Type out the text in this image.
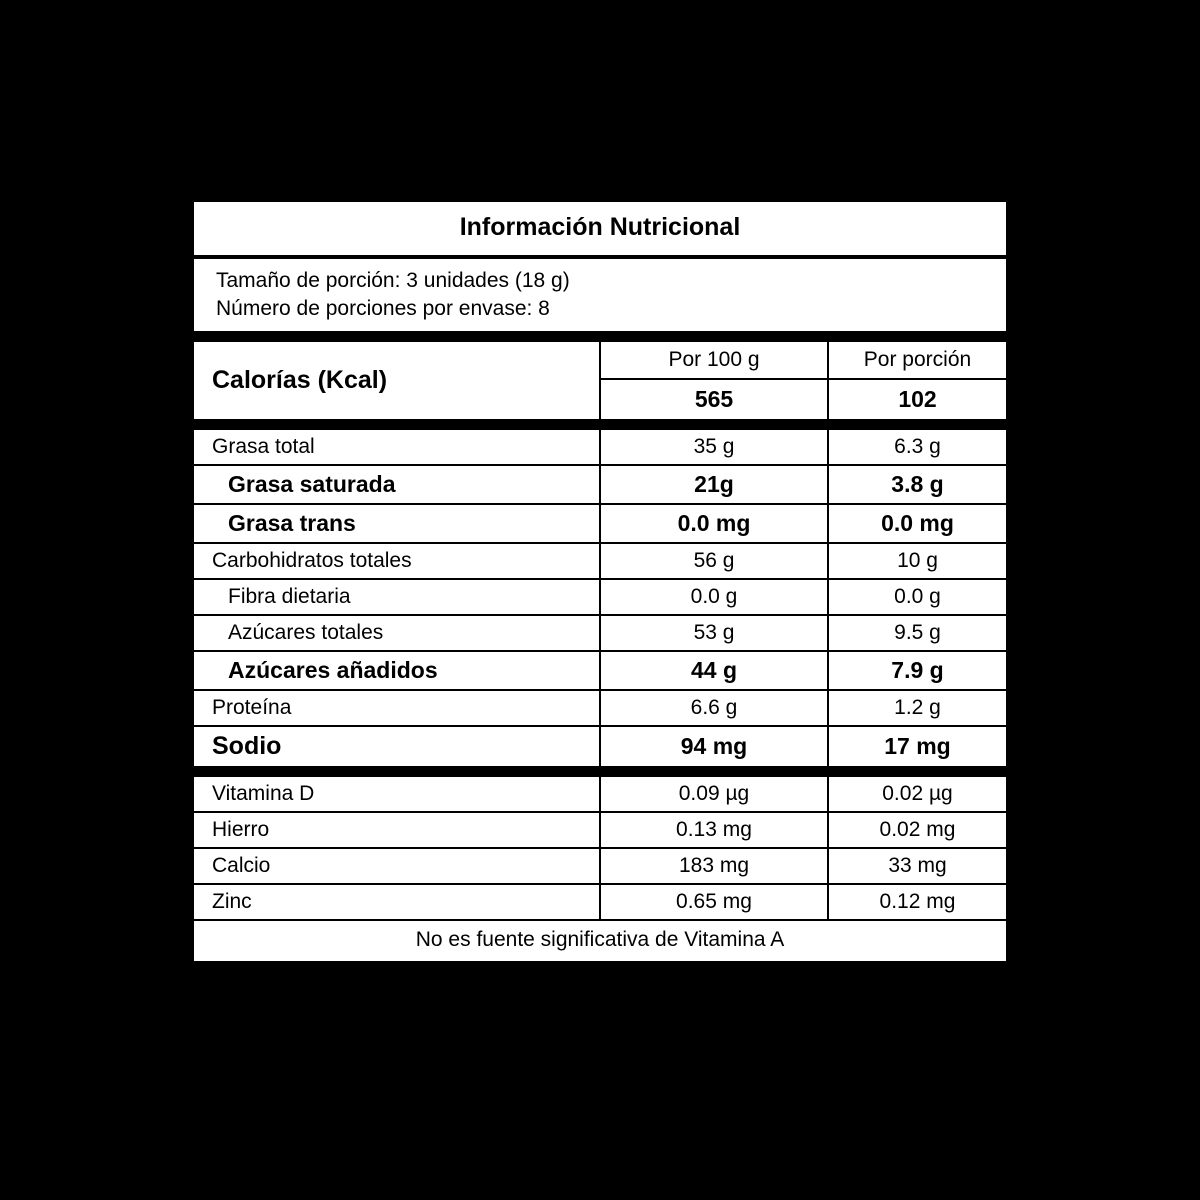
Información Nutricional
Tamaño de porción: 3 unidades (18 g)
Número de porciones por envase: 8
Calorías (Kcal)	Por 100 g	Por porción
	565	102
Grasa total	35 g	6.3 g
Grasa saturada	21g	3.8 g
Grasa trans	0.0 mg	0.0 mg
Carbohidratos totales	56 g	10 g
Fibra dietaria	0.0 g	0.0 g
Azúcares totales	53 g	9.5 g
Azúcares añadidos	44 g	7.9 g
Proteína	6.6 g	1.2 g
Sodio	94 mg	17 mg
Vitamina D	0.09 µg	0.02 µg
Hierro	0.13 mg	0.02 mg
Calcio	183 mg	33 mg
Zinc	0.65 mg	0.12 mg
No es fuente significativa de Vitamina A
